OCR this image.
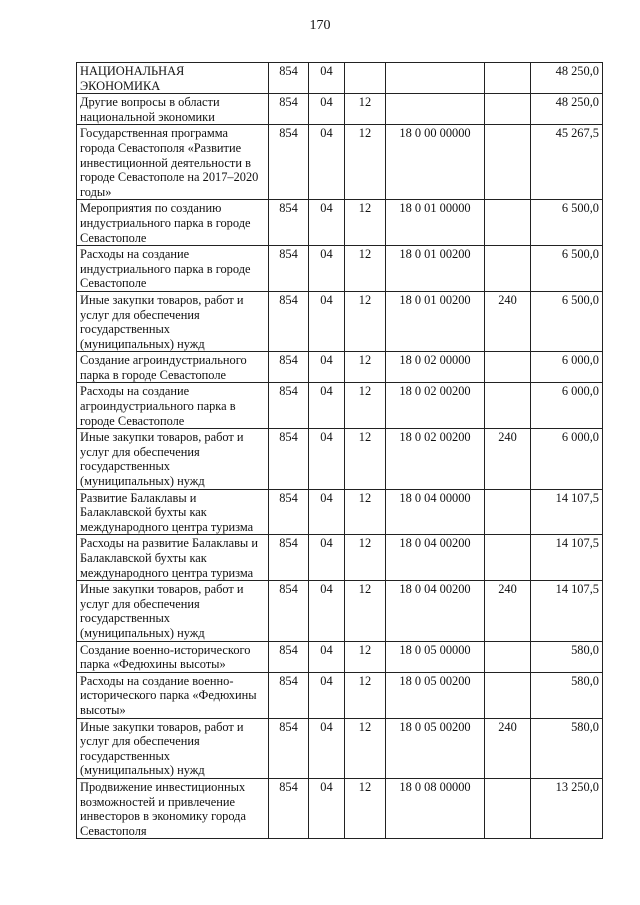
170
НАЦИОНАЛЬНАЯ ЭКОНОМИКА	854	04				48 250,0
Другие вопросы в области национальной экономики	854	04	12			48 250,0
Государственная программа города Севастополя «Развитие инвестиционной деятельности в городе Севастополе на 2017–2020 годы»	854	04	12	18 0 00 00000		45 267,5
Мероприятия по созданию индустриального парка в городе Севастополе	854	04	12	18 0 01 00000		6 500,0
Расходы на создание индустриального парка в городе Севастополе	854	04	12	18 0 01 00200		6 500,0
Иные закупки товаров, работ и услуг для обеспечения государственных (муниципальных) нужд	854	04	12	18 0 01 00200	240	6 500,0
Создание агроиндустриального парка в городе Севастополе	854	04	12	18 0 02 00000		6 000,0
Расходы на создание агроиндустриального парка в городе Севастополе	854	04	12	18 0 02 00200		6 000,0
Иные закупки товаров, работ и услуг для обеспечения государственных (муниципальных) нужд	854	04	12	18 0 02 00200	240	6 000,0
Развитие Балаклавы и Балаклавской бухты как международного центра туризма	854	04	12	18 0 04 00000		14 107,5
Расходы на развитие Балаклавы и Балаклавской бухты как международного центра туризма	854	04	12	18 0 04 00200		14 107,5
Иные закупки товаров, работ и услуг для обеспечения государственных (муниципальных) нужд	854	04	12	18 0 04 00200	240	14 107,5
Создание военно-исторического парка «Федюхины высоты»	854	04	12	18 0 05 00000		580,0
Расходы на создание военно-исторического парка «Федюхины высоты»	854	04	12	18 0 05 00200		580,0
Иные закупки товаров, работ и услуг для обеспечения государственных (муниципальных) нужд	854	04	12	18 0 05 00200	240	580,0
Продвижение инвестиционных возможностей и привлечение инвесторов в экономику города Севастополя	854	04	12	18 0 08 00000		13 250,0
